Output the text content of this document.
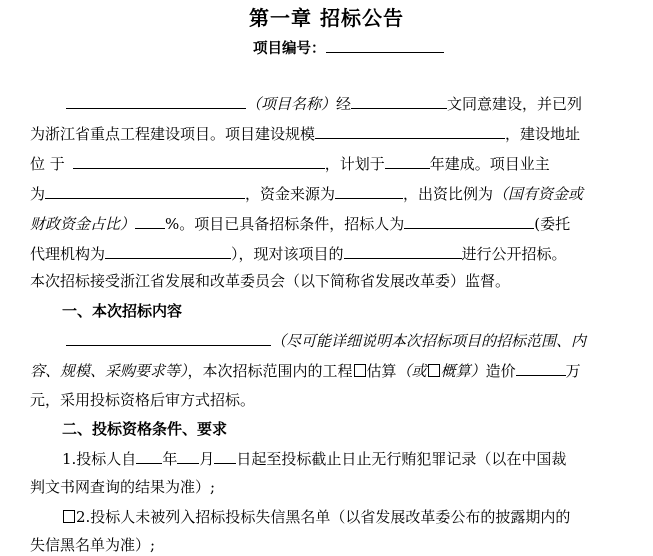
第一章 招标公告
项目编号：
（项目名称）经	文同意建设，并已列
为浙江省重点工程建设项目。项目建设规模	，建设地址
位 于	，计划于	年建成。项目业主
为	，资金来源为	，出资比例为（国有资金或
财政资金占比） %。项目已具备招标条件，招标人为	(委托
代理机构为	），现对该项目的	进行公开招标。
本次招标接受浙江省发展和改革委员会（以下简称省发展改革委）监督。
一、本次招标内容
（尽可能详细说明本次招标项目的招标范围、内
容、规模、采购要求等），本次招标范围内的工程 估算（或 概算）造价	万
元，采用投标资格后审方式招标。
二、投标资格条件、要求
1.投标人自 年 月 日起至投标截止日止无行贿犯罪记录（以在中国裁
判文书网查询的结果为准）;
2.投标人未被列入招标投标失信黑名单（以省发展改革委公布的披露期内的
失信黑名单为准）;
